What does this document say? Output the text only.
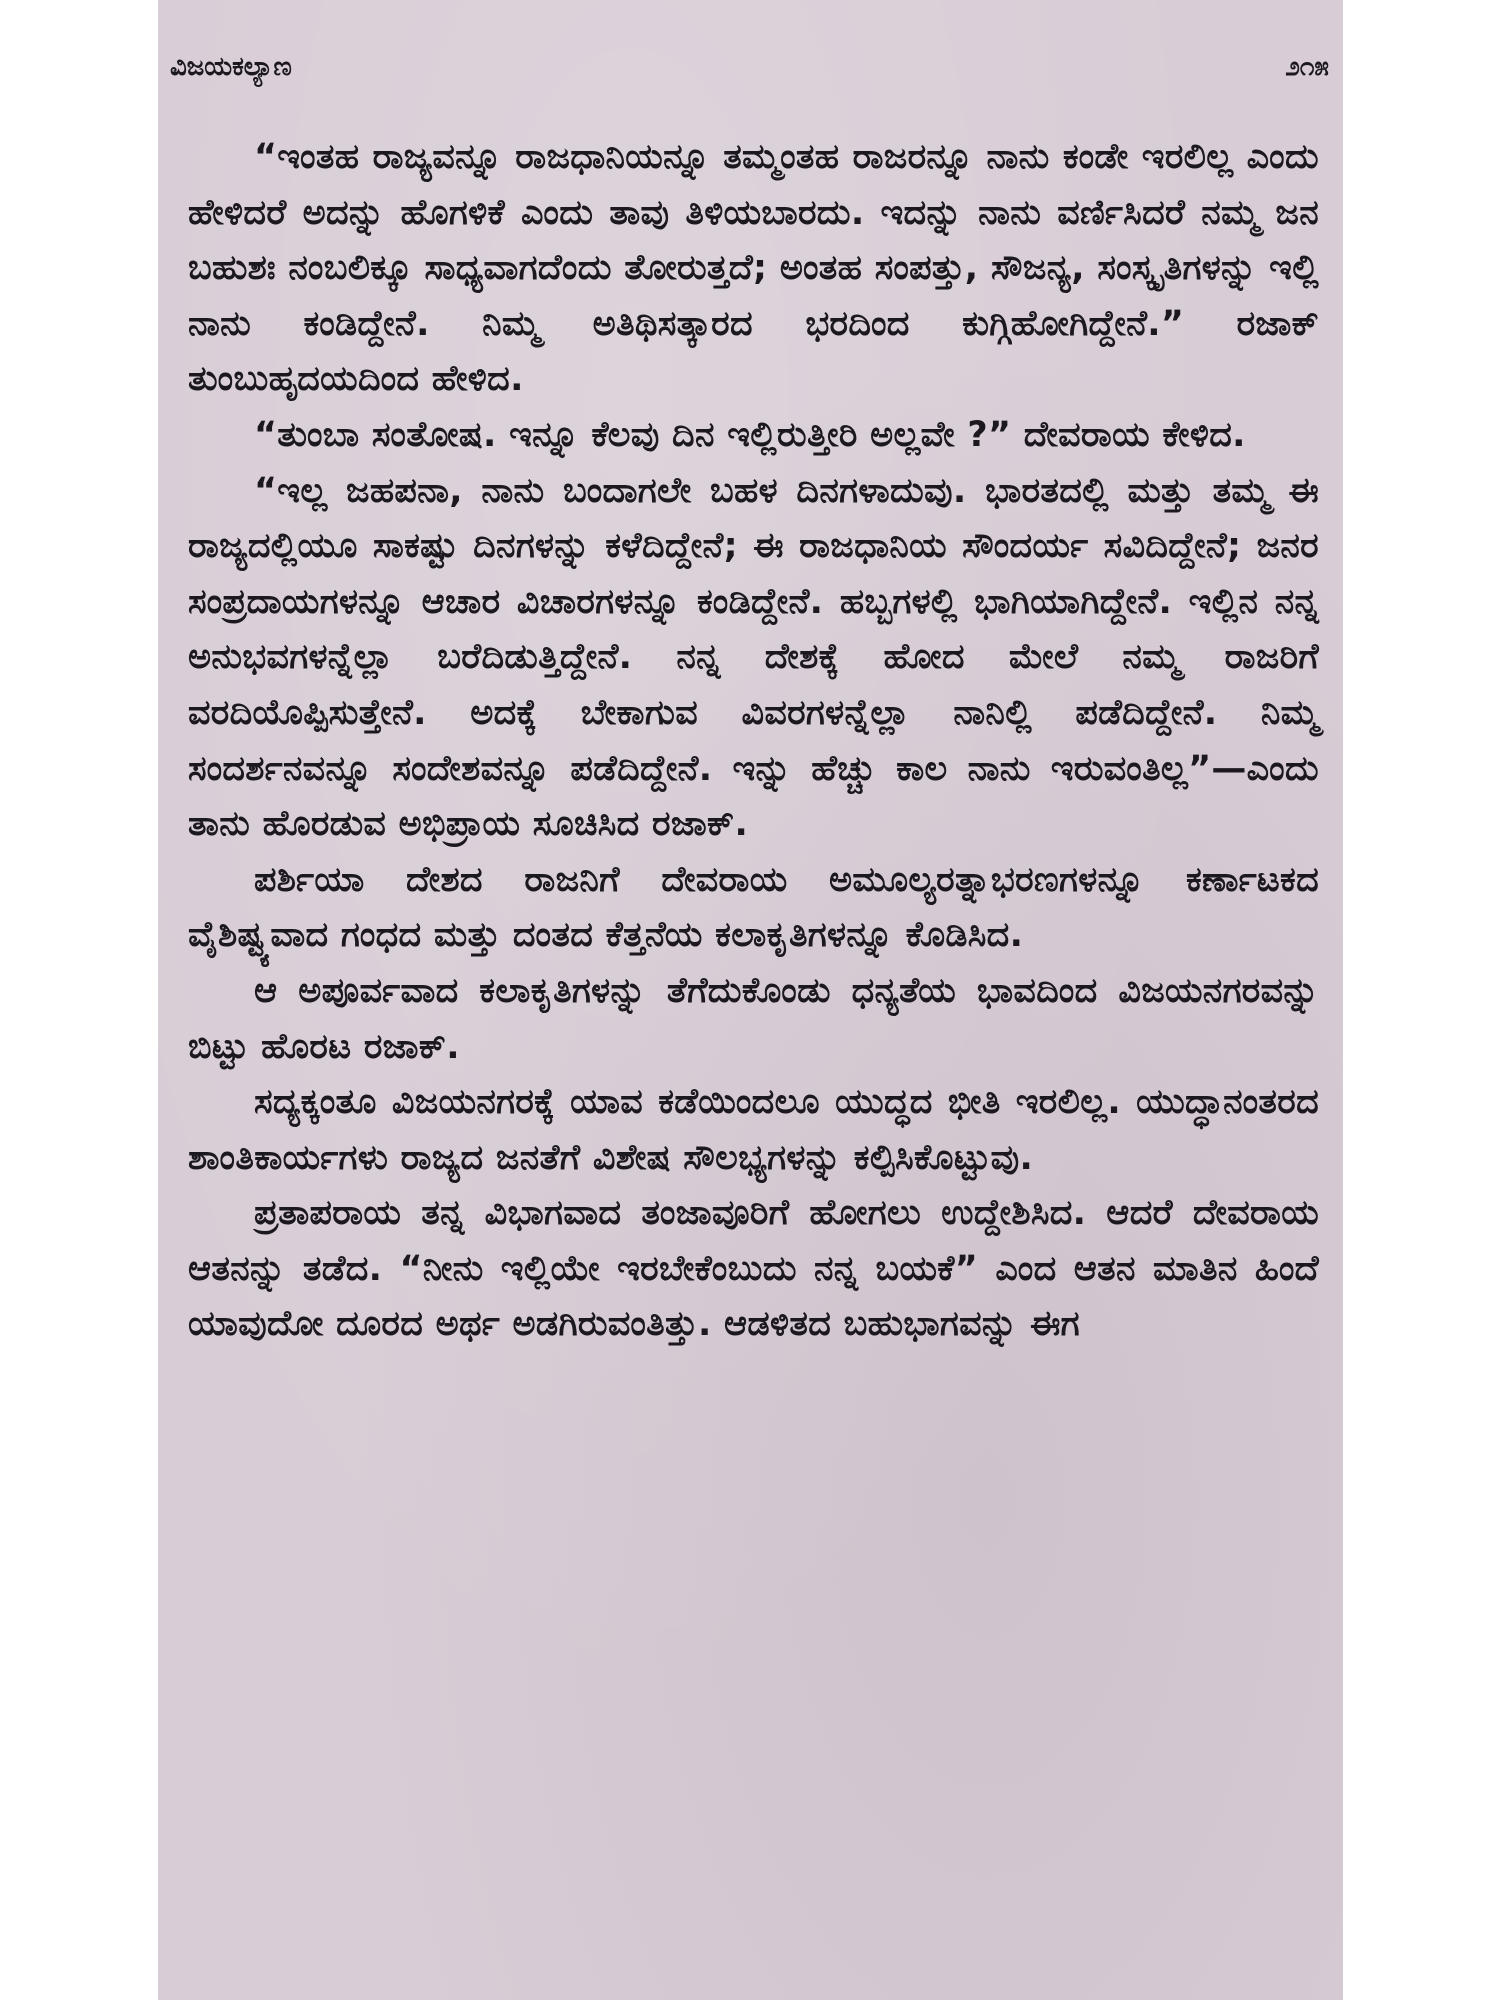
ವಿಜಯಕಲ್ಯಾಣ	೨೧೫

“ಇಂತಹ ರಾಜ್ಯವನ್ನೂ ರಾಜಧಾನಿಯನ್ನೂ ತಮ್ಮಂತಹ ರಾಜರನ್ನೂ ನಾನು ಕಂಡೇ ಇರಲಿಲ್ಲ ಎಂದು ಹೇಳಿದರೆ ಅದನ್ನು ಹೊಗಳಿಕೆ ಎಂದು ತಾವು ತಿಳಿಯಬಾರದು. ಇದನ್ನು ನಾನು ವರ್ಣಿಸಿದರೆ ನಮ್ಮ ಜನ ಬಹುಶಃ ನಂಬಲಿಕ್ಕೂ ಸಾಧ್ಯವಾಗದೆಂದು ತೋರುತ್ತದೆ; ಅಂತಹ ಸಂಪತ್ತು, ಸೌಜನ್ಯ, ಸಂಸ್ಕೃತಿಗಳನ್ನು ಇಲ್ಲಿ ನಾನು ಕಂಡಿದ್ದೇನೆ. ನಿಮ್ಮ ಅತಿಥಿಸತ್ಕಾರದ ಭರದಿಂದ ಕುಗ್ಗಿಹೋಗಿದ್ದೇನೆ.” ರಜಾಕ್ ತುಂಬುಹೃದಯದಿಂದ ಹೇಳಿದ.

“ತುಂಬಾ ಸಂತೋಷ. ಇನ್ನೂ ಕೆಲವು ದಿನ ಇಲ್ಲಿರುತ್ತೀರಿ ಅಲ್ಲವೇ ?” ದೇವರಾಯ ಕೇಳಿದ.

“ಇಲ್ಲ ಜಹಪನಾ, ನಾನು ಬಂದಾಗಲೇ ಬಹಳ ದಿನಗಳಾದುವು. ಭಾರತದಲ್ಲಿ ಮತ್ತು ತಮ್ಮ ಈ ರಾಜ್ಯದಲ್ಲಿಯೂ ಸಾಕಷ್ಟು ದಿನಗಳನ್ನು ಕಳೆದಿದ್ದೇನೆ; ಈ ರಾಜಧಾನಿಯ ಸೌಂದರ್ಯ ಸವಿದಿದ್ದೇನೆ; ಜನರ ಸಂಪ್ರದಾಯಗಳನ್ನೂ ಆಚಾರ ವಿಚಾರಗಳನ್ನೂ ಕಂಡಿದ್ದೇನೆ. ಹಬ್ಬಗಳಲ್ಲಿ ಭಾಗಿಯಾಗಿದ್ದೇನೆ. ಇಲ್ಲಿನ ನನ್ನ ಅನುಭವಗಳನ್ನೆಲ್ಲಾ ಬರೆದಿಡುತ್ತಿದ್ದೇನೆ. ನನ್ನ ದೇಶಕ್ಕೆ ಹೋದ ಮೇಲೆ ನಮ್ಮ ರಾಜರಿಗೆ ವರದಿಯೊಪ್ಪಿಸುತ್ತೇನೆ. ಅದಕ್ಕೆ ಬೇಕಾಗುವ ವಿವರಗಳನ್ನೆಲ್ಲಾ ನಾನಿಲ್ಲಿ ಪಡೆದಿದ್ದೇನೆ. ನಿಮ್ಮ ಸಂದರ್ಶನವನ್ನೂ ಸಂದೇಶವನ್ನೂ ಪಡೆದಿದ್ದೇನೆ. ಇನ್ನು ಹೆಚ್ಚು ಕಾಲ ನಾನು ಇರುವಂತಿಲ್ಲ”—ಎಂದು ತಾನು ಹೊರಡುವ ಅಭಿಪ್ರಾಯ ಸೂಚಿಸಿದ ರಜಾಕ್.

ಪರ್ಶಿಯಾ ದೇಶದ ರಾಜನಿಗೆ ದೇವರಾಯ ಅಮೂಲ್ಯರತ್ನಾಭರಣಗಳನ್ನೂ ಕರ್ಣಾಟಕದ ವೈಶಿಷ್ಟ್ಯವಾದ ಗಂಧದ ಮತ್ತು ದಂತದ ಕೆತ್ತನೆಯ ಕಲಾಕೃತಿಗಳನ್ನೂ ಕೊಡಿಸಿದ.

ಆ ಅಪೂರ್ವವಾದ ಕಲಾಕೃತಿಗಳನ್ನು ತೆಗೆದುಕೊಂಡು ಧನ್ಯತೆಯ ಭಾವದಿಂದ ವಿಜಯನಗರವನ್ನು ಬಿಟ್ಟು ಹೊರಟ ರಜಾಕ್.

ಸದ್ಯಕ್ಕಂತೂ ವಿಜಯನಗರಕ್ಕೆ ಯಾವ ಕಡೆಯಿಂದಲೂ ಯುದ್ಧದ ಭೀತಿ ಇರಲಿಲ್ಲ. ಯುದ್ಧಾನಂತರದ ಶಾಂತಿಕಾರ್ಯಗಳು ರಾಜ್ಯದ ಜನತೆಗೆ ವಿಶೇಷ ಸೌಲಭ್ಯಗಳನ್ನು ಕಲ್ಪಿಸಿಕೊಟ್ಟುವು.

ಪ್ರತಾಪರಾಯ ತನ್ನ ವಿಭಾಗವಾದ ತಂಜಾವೂರಿಗೆ ಹೋಗಲು ಉದ್ದೇಶಿಸಿದ. ಆದರೆ ದೇವರಾಯ ಆತನನ್ನು ತಡೆದ. “ನೀನು ಇಲ್ಲಿಯೇ ಇರಬೇಕೆಂಬುದು ನನ್ನ ಬಯಕೆ” ಎಂದ ಆತನ ಮಾತಿನ ಹಿಂದೆ ಯಾವುದೋ ದೂರದ ಅರ್ಥ ಅಡಗಿರುವಂತಿತ್ತು. ಆಡಳಿತದ ಬಹುಭಾಗವನ್ನು ಈಗ
